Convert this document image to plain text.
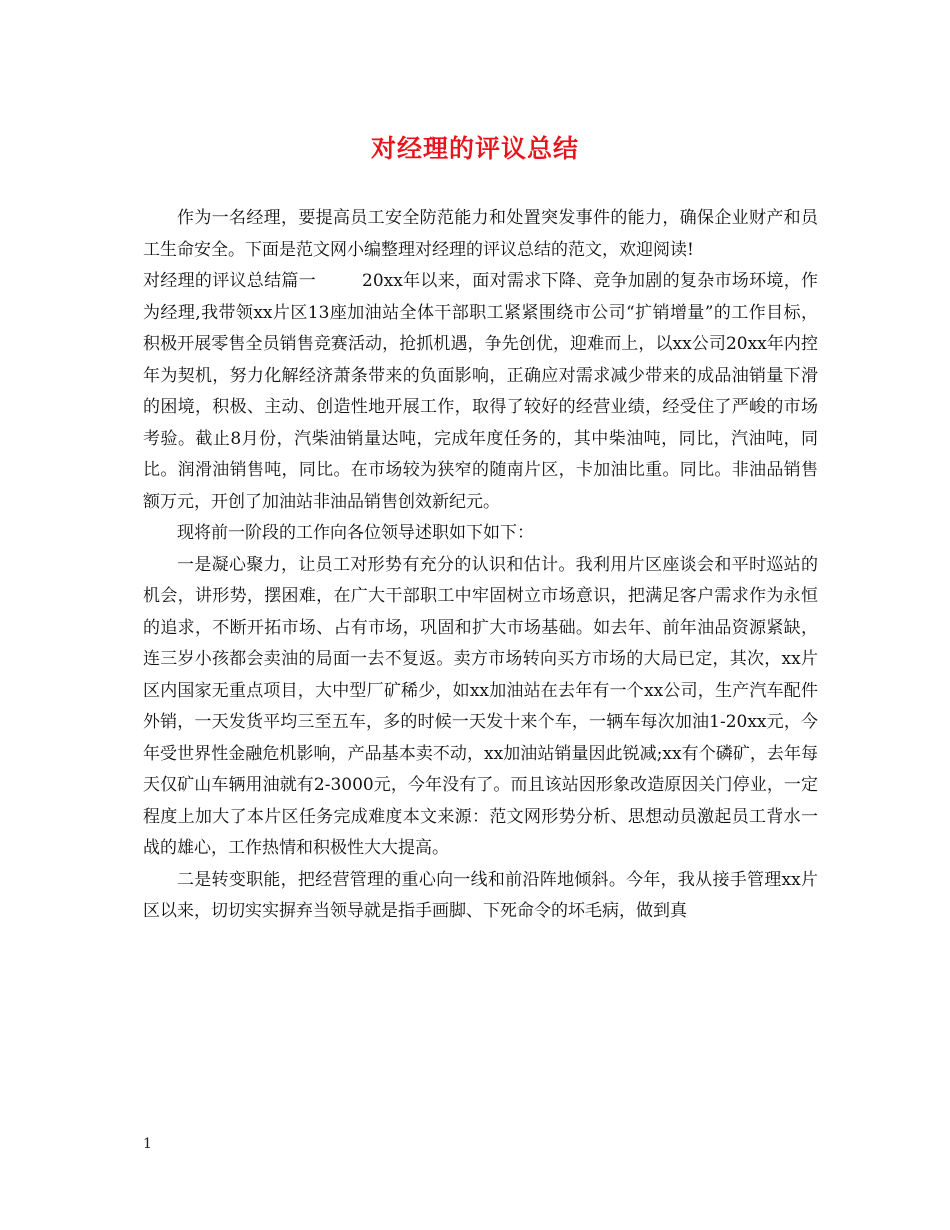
对经理的评议总结

作为一名经理，要提高员工安全防范能力和处置突发事件的能力，确保企业财产和员工生命安全。下面是范文网小编整理对经理的评议总结的范文，欢迎阅读!

对经理的评议总结篇一	20xx年以来，面对需求下降、竞争加剧的复杂市场环境，作为经理,我带领xx片区13座加油站全体干部职工紧紧围绕市公司“扩销增量”的工作目标，积极开展零售全员销售竞赛活动，抢抓机遇，争先创优，迎难而上，以xx公司20xx年内控年为契机，努力化解经济萧条带来的负面影响，正确应对需求减少带来的成品油销量下滑的困境，积极、主动、创造性地开展工作，取得了较好的经营业绩，经受住了严峻的市场考验。截止8月份，汽柴油销量达吨，完成年度任务的，其中柴油吨，同比，汽油吨，同比。润滑油销售吨，同比。在市场较为狭窄的随南片区，卡加油比重。同比。非油品销售额万元，开创了加油站非油品销售创效新纪元。

现将前一阶段的工作向各位领导述职如下如下：

一是凝心聚力，让员工对形势有充分的认识和估计。我利用片区座谈会和平时巡站的机会，讲形势，摆困难，在广大干部职工中牢固树立市场意识，把满足客户需求作为永恒的追求，不断开拓市场、占有市场，巩固和扩大市场基础。如去年、前年油品资源紧缺，连三岁小孩都会卖油的局面一去不复返。卖方市场转向买方市场的大局已定，其次，xx片区内国家无重点项目，大中型厂矿稀少，如xx加油站在去年有一个xx公司，生产汽车配件外销，一天发货平均三至五车，多的时候一天发十来个车，一辆车每次加油1-20xx元，今年受世界性金融危机影响，产品基本卖不动，xx加油站销量因此锐减;xx有个磷矿，去年每天仅矿山车辆用油就有2-3000元，今年没有了。而且该站因形象改造原因关门停业，一定程度上加大了本片区任务完成难度本文来源：范文网形势分析、思想动员激起员工背水一战的雄心，工作热情和积极性大大提高。

二是转变职能，把经营管理的重心向一线和前沿阵地倾斜。今年，我从接手管理xx片区以来，切切实实摒弃当领导就是指手画脚、下死命令的坏毛病，做到真

1
